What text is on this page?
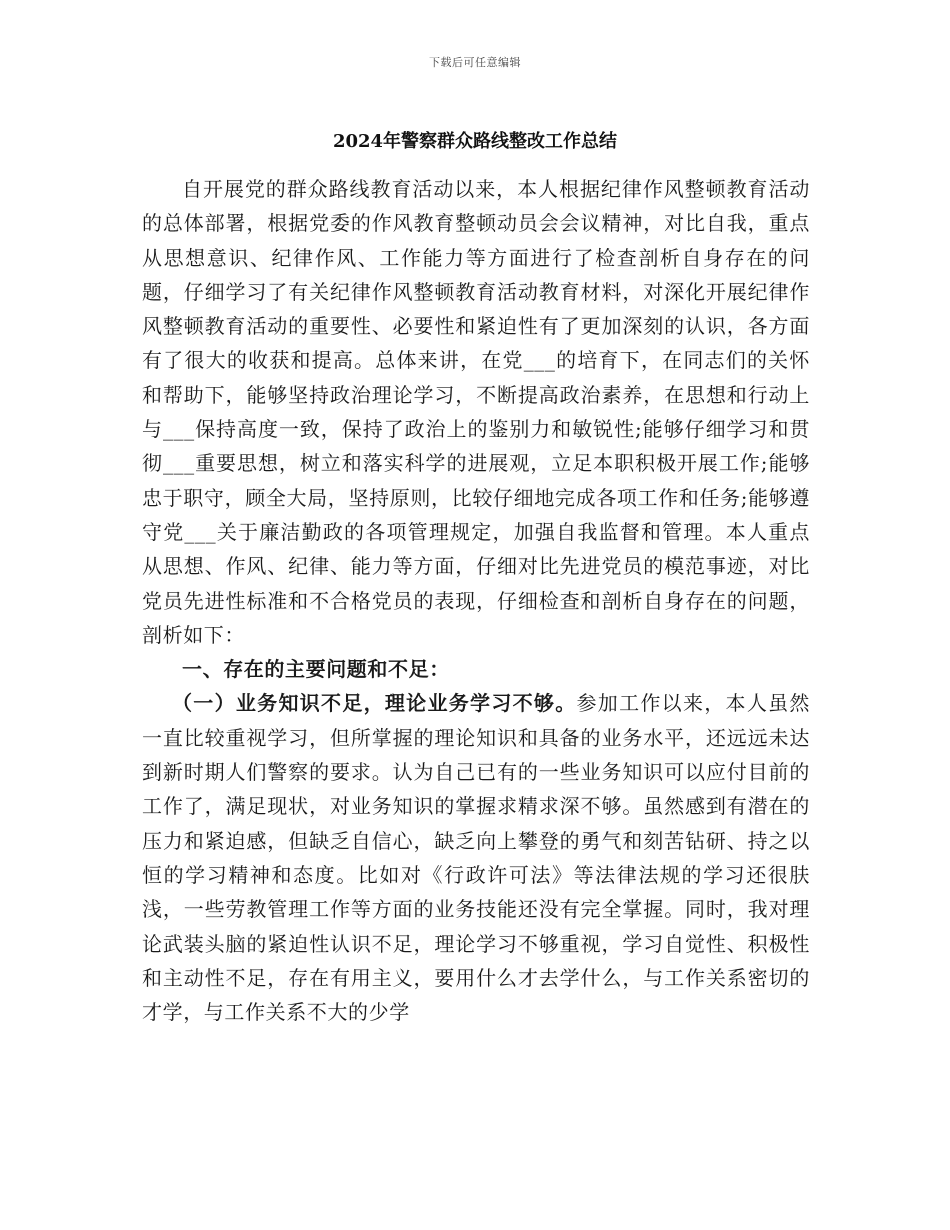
下载后可任意编辑
2024年警察群众路线整改工作总结

自开展党的群众路线教育活动以来，本人根据纪律作风整顿教育活动的总体部署，根据党委的作风教育整顿动员会会议精神，对比自我，重点从思想意识、纪律作风、工作能力等方面进行了检查剖析自身存在的问题，仔细学习了有关纪律作风整顿教育活动教育材料，对深化开展纪律作风整顿教育活动的重要性、必要性和紧迫性有了更加深刻的认识，各方面有了很大的收获和提高。总体来讲，在党___的培育下，在同志们的关怀和帮助下，能够坚持政治理论学习，不断提高政治素养，在思想和行动上与___保持高度一致，保持了政治上的鉴别力和敏锐性;能够仔细学习和贯彻___重要思想，树立和落实科学的进展观，立足本职积极开展工作;能够忠于职守，顾全大局，坚持原则，比较仔细地完成各项工作和任务;能够遵守党___关于廉洁勤政的各项管理规定，加强自我监督和管理。本人重点从思想、作风、纪律、能力等方面，仔细对比先进党员的模范事迹，对比党员先进性标准和不合格党员的表现，仔细检查和剖析自身存在的问题，剖析如下：

一、存在的主要问题和不足：

（一）业务知识不足，理论业务学习不够。参加工作以来，本人虽然一直比较重视学习，但所掌握的理论知识和具备的业务水平，还远远未达到新时期人们警察的要求。认为自己已有的一些业务知识可以应付目前的工作了，满足现状，对业务知识的掌握求精求深不够。虽然感到有潜在的压力和紧迫感，但缺乏自信心，缺乏向上攀登的勇气和刻苦钻研、持之以恒的学习精神和态度。比如对《行政许可法》等法律法规的学习还很肤浅，一些劳教管理工作等方面的业务技能还没有完全掌握。同时，我对理论武装头脑的紧迫性认识不足，理论学习不够重视，学习自觉性、积极性和主动性不足，存在有用主义，要用什么才去学什么，与工作关系密切的才学，与工作关系不大的少学
